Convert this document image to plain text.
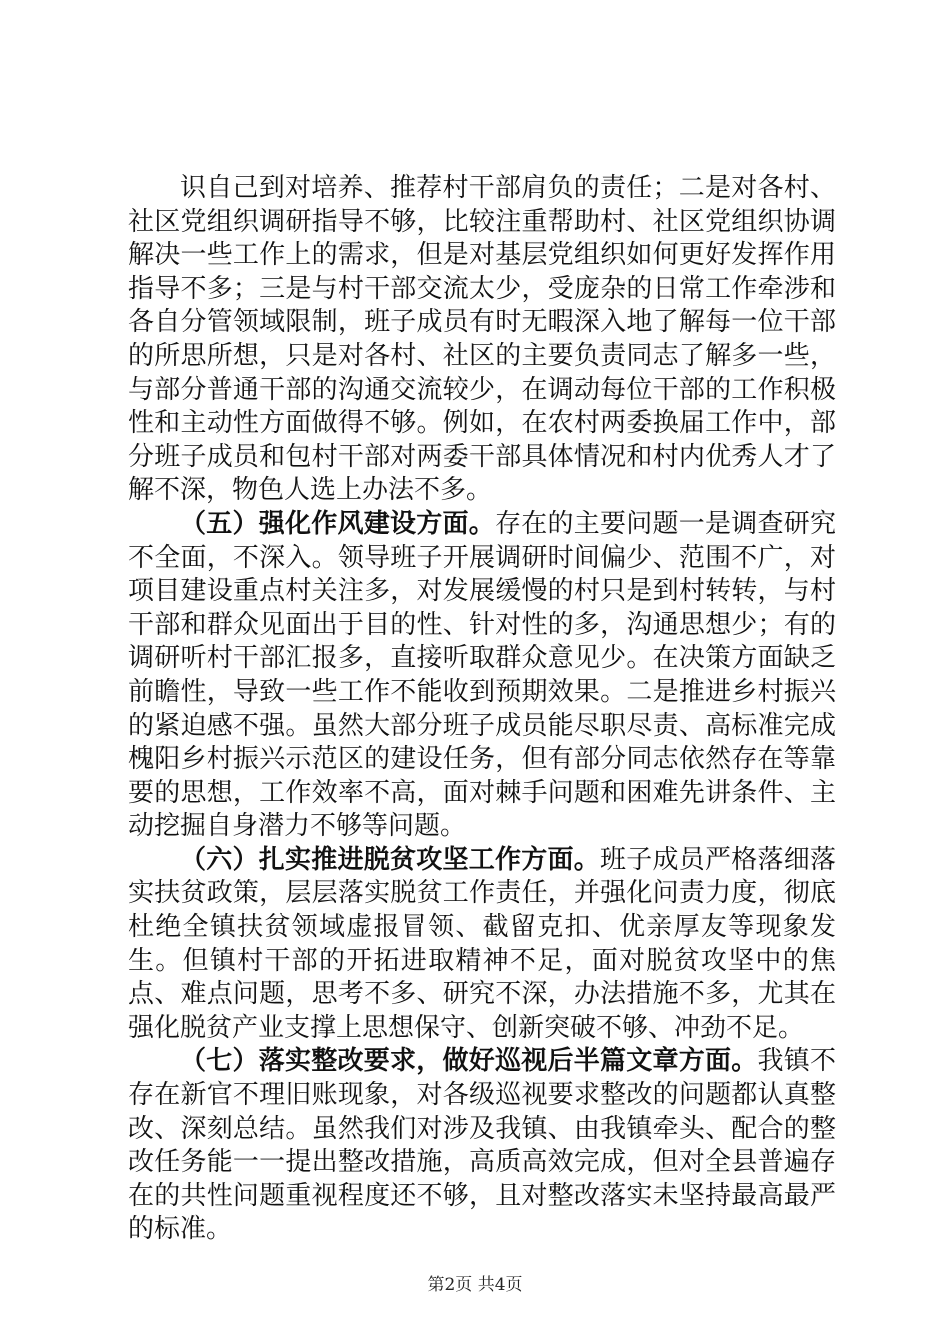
识自己到对培养、推荐村干部肩负的责任；二是对各村、社区党组织调研指导不够，比较注重帮助村、社区党组织协调解决一些工作上的需求，但是对基层党组织如何更好发挥作用指导不多；三是与村干部交流太少，受庞杂的日常工作牵涉和各自分管领域限制，班子成员有时无暇深入地了解每一位干部的所思所想，只是对各村、社区的主要负责同志了解多一些，与部分普通干部的沟通交流较少，在调动每位干部的工作积极性和主动性方面做得不够。例如，在农村两委换届工作中，部分班子成员和包村干部对两委干部具体情况和村内优秀人才了解不深，物色人选上办法不多。

（五）强化作风建设方面。存在的主要问题一是调查研究不全面，不深入。领导班子开展调研时间偏少、范围不广，对项目建设重点村关注多，对发展缓慢的村只是到村转转，与村干部和群众见面出于目的性、针对性的多，沟通思想少；有的调研听村干部汇报多，直接听取群众意见少。在决策方面缺乏前瞻性，导致一些工作不能收到预期效果。二是推进乡村振兴的紧迫感不强。虽然大部分班子成员能尽职尽责、高标准完成槐阳乡村振兴示范区的建设任务，但有部分同志依然存在等靠要的思想，工作效率不高，面对棘手问题和困难先讲条件、主动挖掘自身潜力不够等问题。

（六）扎实推进脱贫攻坚工作方面。班子成员严格落细落实扶贫政策，层层落实脱贫工作责任，并强化问责力度，彻底杜绝全镇扶贫领域虚报冒领、截留克扣、优亲厚友等现象发生。但镇村干部的开拓进取精神不足，面对脱贫攻坚中的焦点、难点问题，思考不多、研究不深，办法措施不多，尤其在强化脱贫产业支撑上思想保守、创新突破不够、冲劲不足。

（七）落实整改要求，做好巡视后半篇文章方面。我镇不存在新官不理旧账现象，对各级巡视要求整改的问题都认真整改、深刻总结。虽然我们对涉及我镇、由我镇牵头、配合的整改任务能一一提出整改措施，高质高效完成，但对全县普遍存在的共性问题重视程度还不够，且对整改落实未坚持最高最严的标准。

第2页 共4页
